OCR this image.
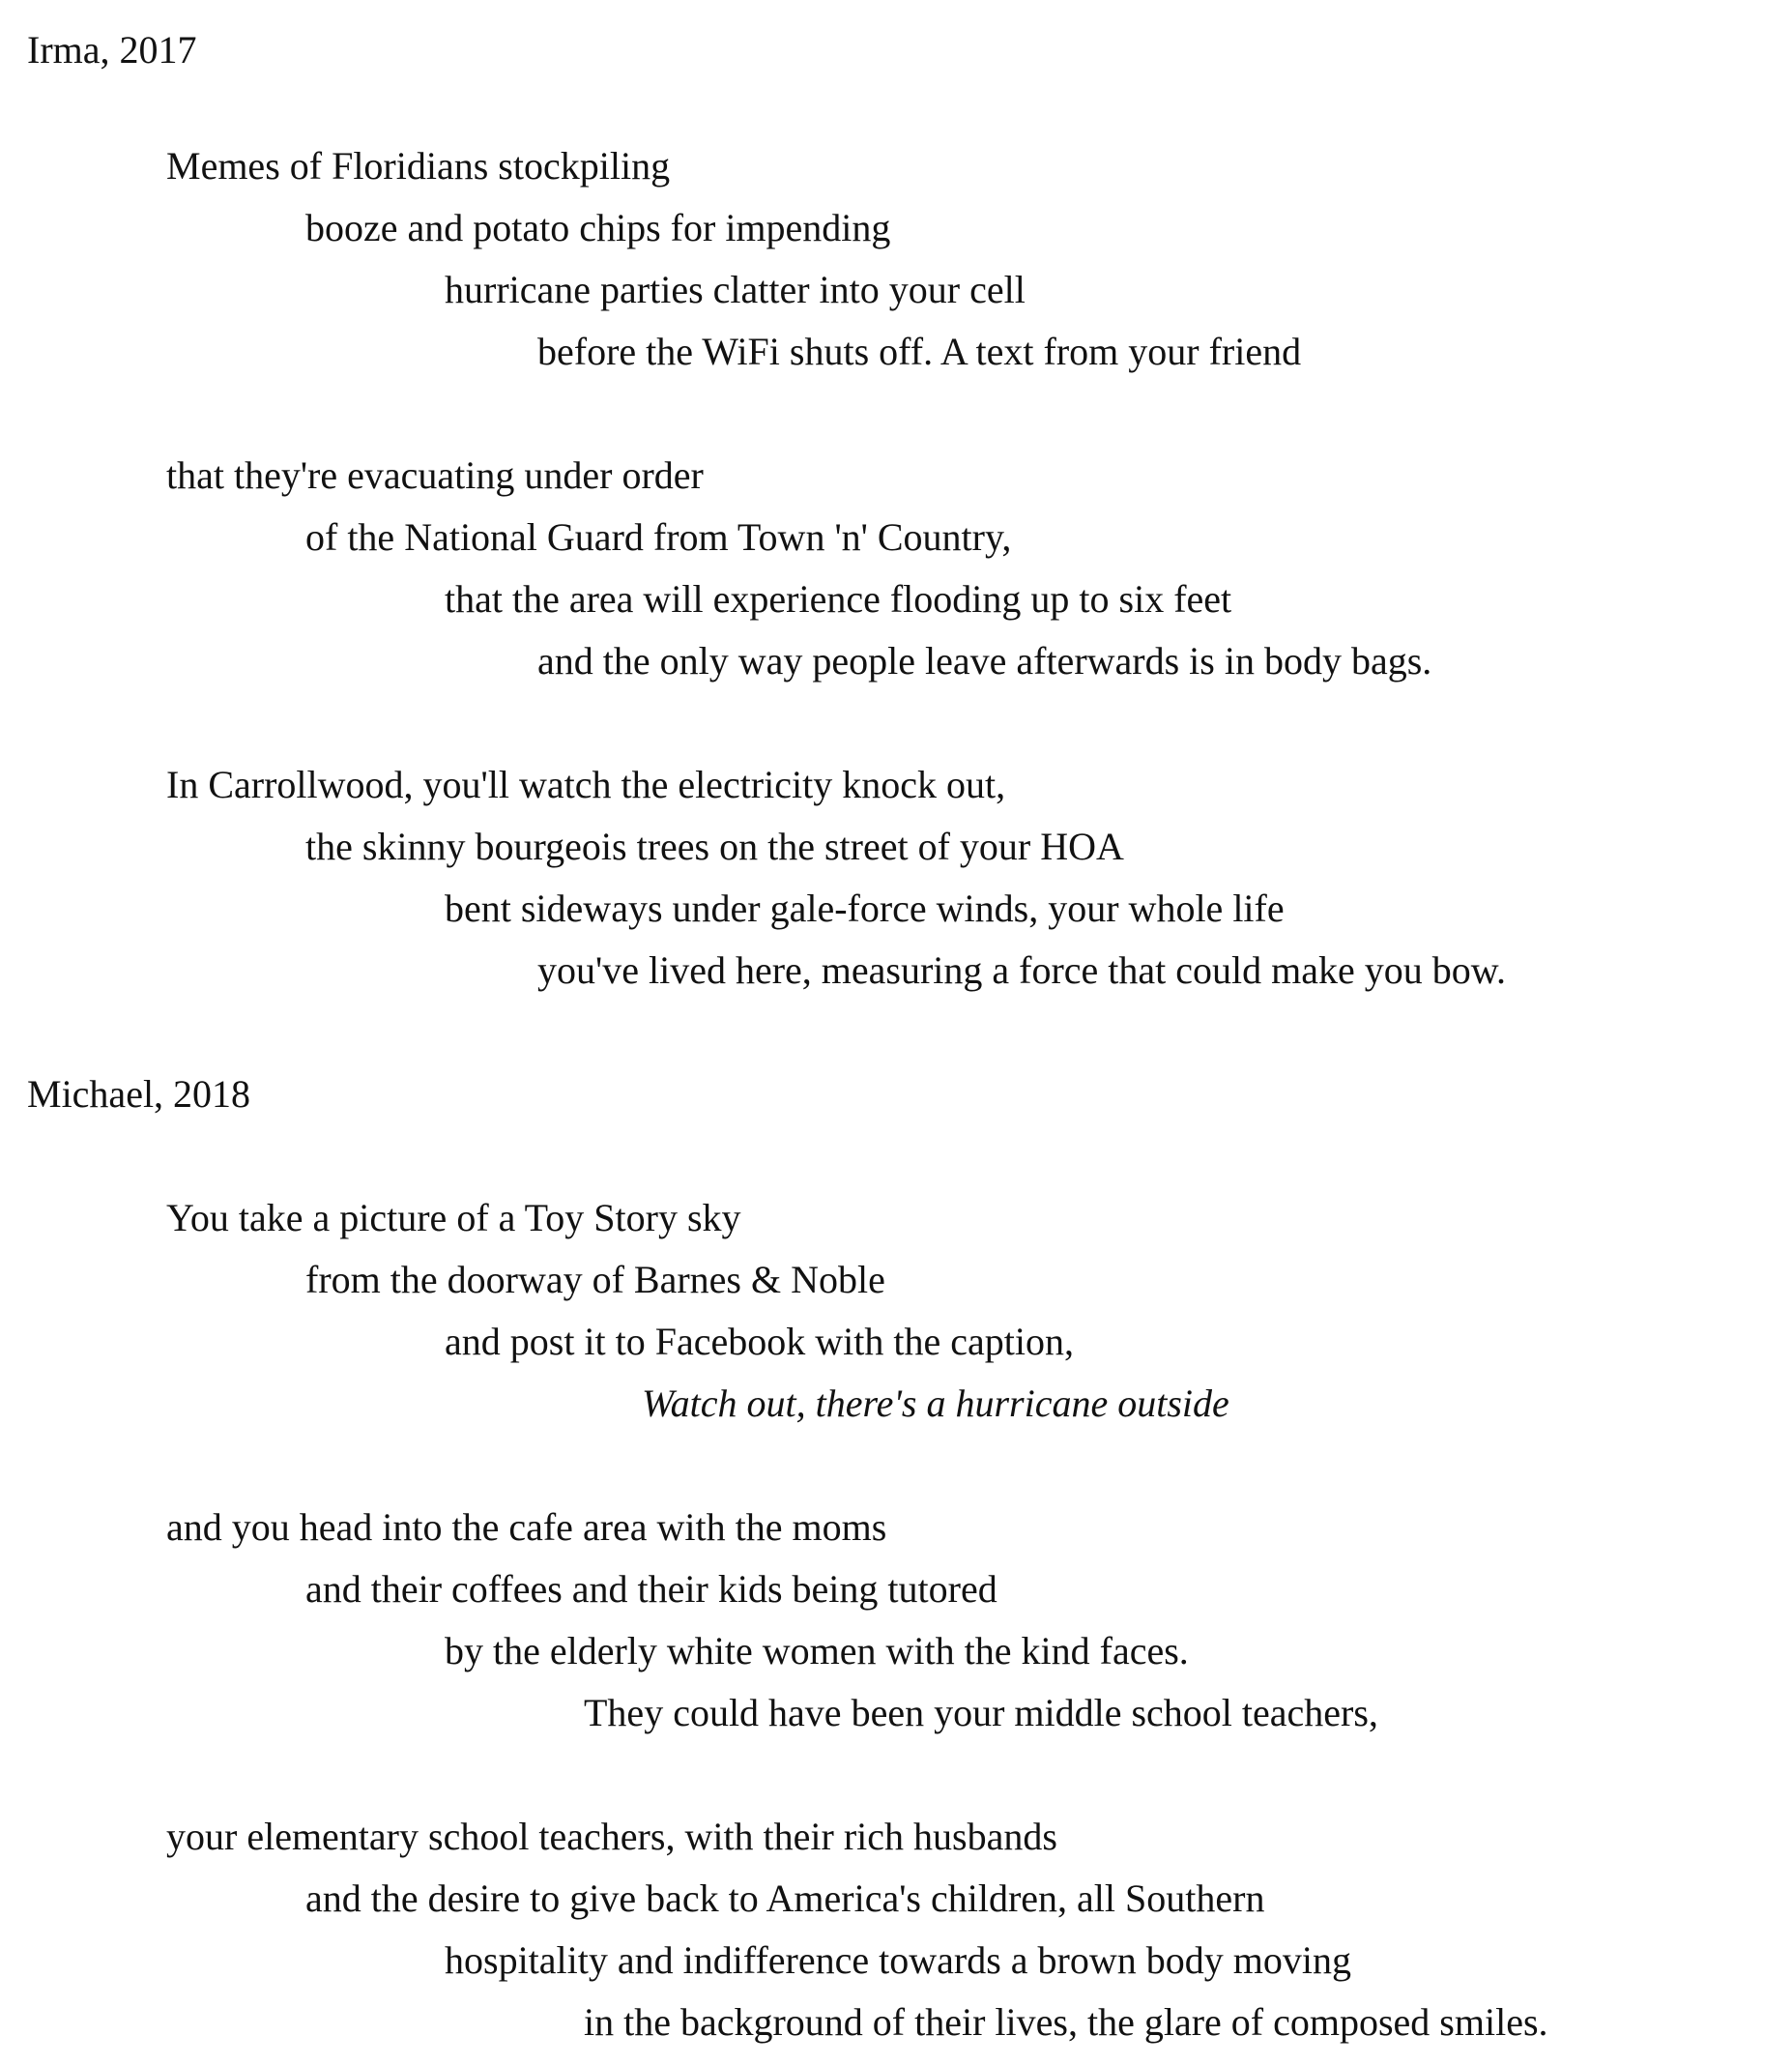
Irma, 2017
Memes of Floridians stockpiling
booze and potato chips for impending
hurricane parties clatter into your cell
before the WiFi shuts off. A text from your friend
that they're evacuating under order
of the National Guard from Town 'n' Country,
that the area will experience flooding up to six feet
and the only way people leave afterwards is in body bags.
In Carrollwood, you'll watch the electricity knock out,
the skinny bourgeois trees on the street of your HOA
bent sideways under gale-force winds, your whole life
you've lived here, measuring a force that could make you bow.
Michael, 2018
You take a picture of a Toy Story sky
from the doorway of Barnes & Noble
and post it to Facebook with the caption,
Watch out, there's a hurricane outside
and you head into the cafe area with the moms
and their coffees and their kids being tutored
by the elderly white women with the kind faces.
They could have been your middle school teachers,
your elementary school teachers, with their rich husbands
and the desire to give back to America's children, all Southern
hospitality and indifference towards a brown body moving
in the background of their lives, the glare of composed smiles.
